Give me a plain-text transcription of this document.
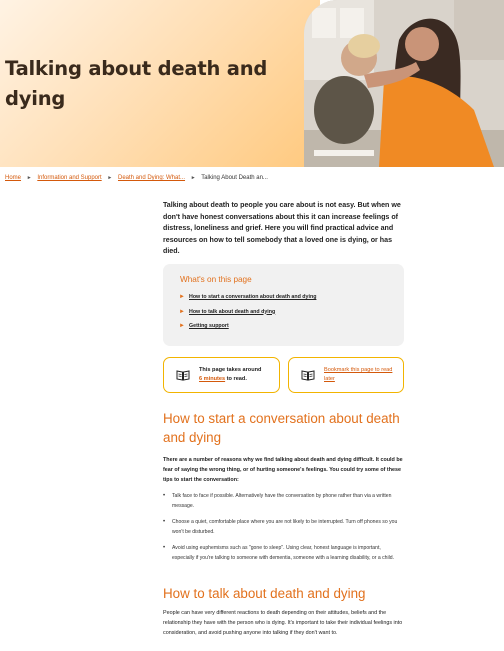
Talking about death and dying
Home ► Information and Support ► Death and Dying: What... ► Talking About Death an...

Talking about death to people you care about is not easy. But when we don't have honest conversations about this it can increase feelings of distress, loneliness and grief. Here you will find practical advice and resources on how to tell somebody that a loved one is dying, or has died.

What's on this page
► How to start a conversation about death and dying
► How to talk about death and dying
► Getting support
This page takes around
6 minutes to read.
Bookmark this page to read later
How to start a conversation about death and dying

There are a number of reasons why we find talking about death and dying difficult. It could be fear of saying the wrong thing, or of hurting someone's feelings. You could try some of these tips to start the conversation:

• Talk face to face if possible. Alternatively have the conversation by phone rather than via a written message.
• Choose a quiet, comfortable place where you are not likely to be interrupted. Turn off phones so you won't be disturbed.
• Avoid using euphemisms such as "gone to sleep". Using clear, honest language is important, especially if you're talking to someone with dementia, someone with a learning disability, or a child.
How to talk about death and dying

People can have very different reactions to death depending on their attitudes, beliefs and the relationship they have with the person who is dying. It's important to take their individual feelings into consideration, and avoid pushing anyone into talking if they don't want to.
